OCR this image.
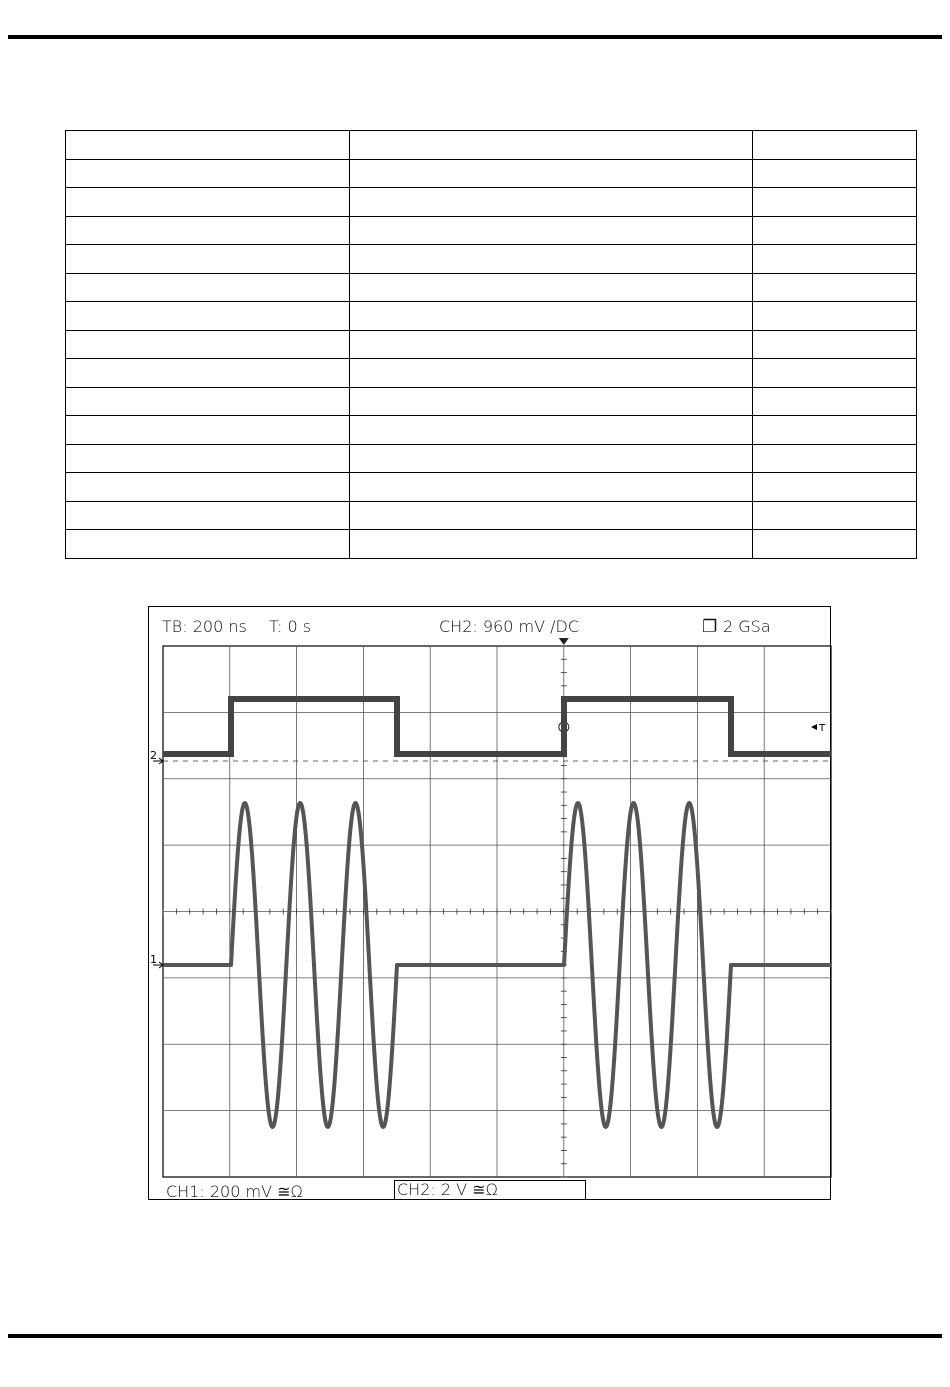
2
1
T
TB: 200 ns T: 0 s	CH2: 960 mV ∕DC	❐ 2 GSa
CH1: 200 mV ≅Ω	CH2: 2 V ≅Ω
